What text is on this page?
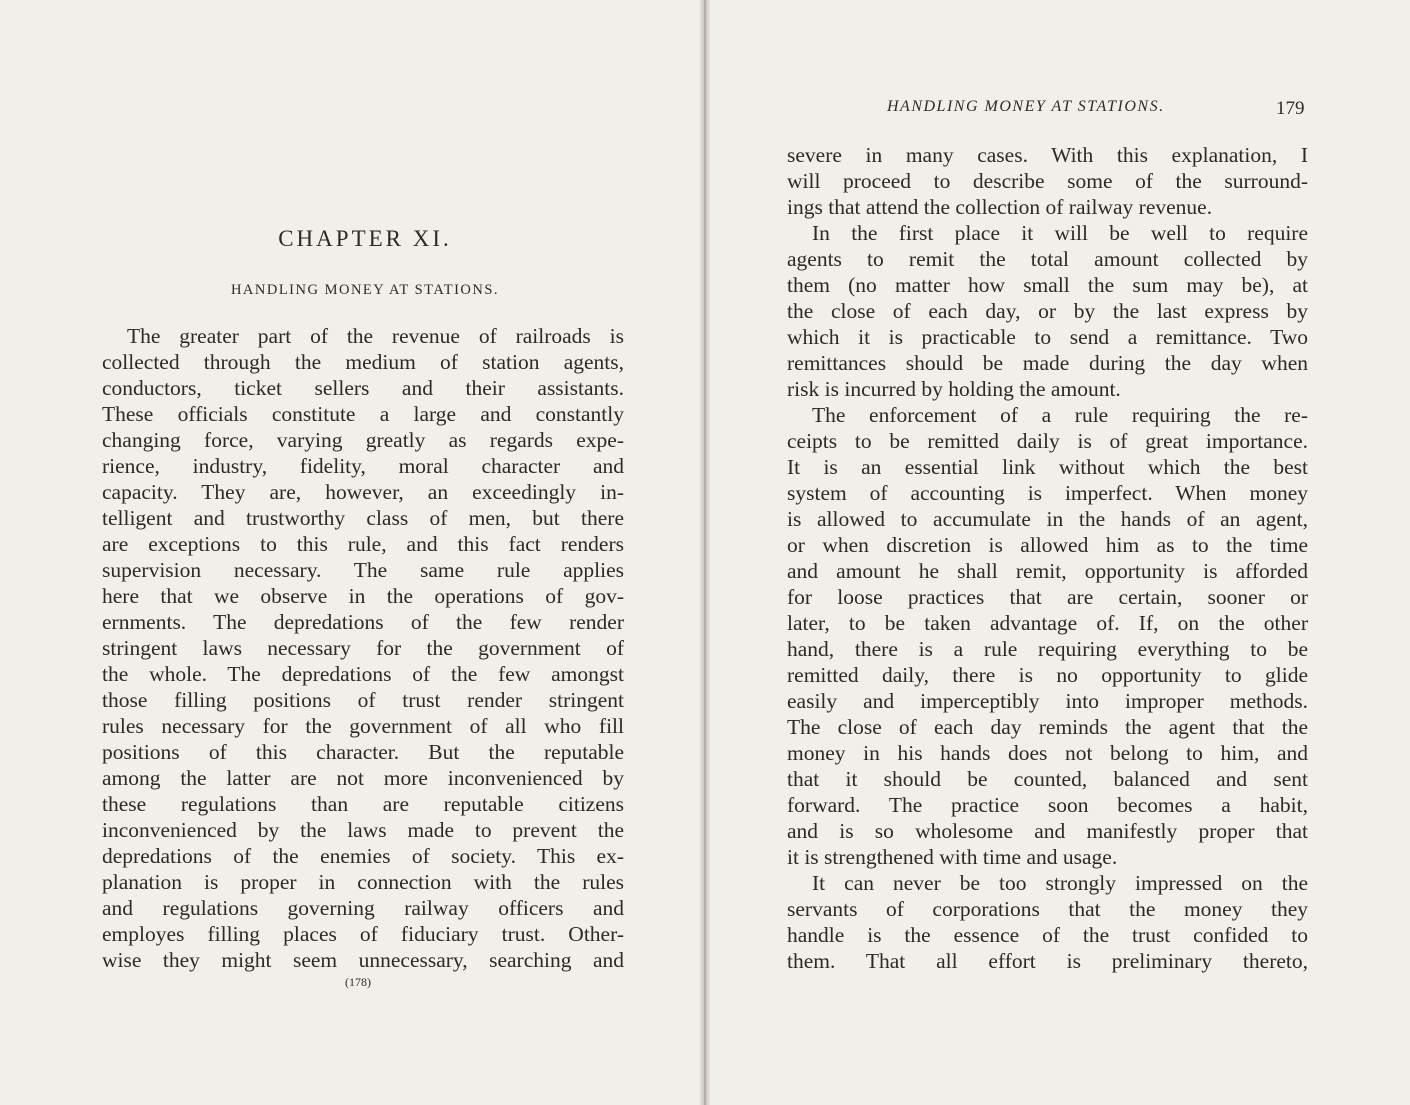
CHAPTER XI.
HANDLING MONEY AT STATIONS.
The greater part of the revenue of railroads is
collected through the medium of station agents,
conductors, ticket sellers and their assistants.
These officials constitute a large and constantly
changing force, varying greatly as regards expe-
rience, industry, fidelity, moral character and
capacity. They are, however, an exceedingly in-
telligent and trustworthy class of men, but there
are exceptions to this rule, and this fact renders
supervision necessary. The same rule applies
here that we observe in the operations of gov-
ernments. The depredations of the few render
stringent laws necessary for the government of
the whole. The depredations of the few amongst
those filling positions of trust render stringent
rules necessary for the government of all who fill
positions of this character. But the reputable
among the latter are not more inconvenienced by
these regulations than are reputable citizens
inconvenienced by the laws made to prevent the
depredations of the enemies of society. This ex-
planation is proper in connection with the rules
and regulations governing railway officers and
employes filling places of fiduciary trust. Other-
wise they might seem unnecessary, searching and
(178)
HANDLING MONEY AT STATIONS.	179
severe in many cases. With this explanation, I
will proceed to describe some of the surround-
ings that attend the collection of railway revenue.
In the first place it will be well to require
agents to remit the total amount collected by
them (no matter how small the sum may be), at
the close of each day, or by the last express by
which it is practicable to send a remittance. Two
remittances should be made during the day when
risk is incurred by holding the amount.
The enforcement of a rule requiring the re-
ceipts to be remitted daily is of great importance.
It is an essential link without which the best
system of accounting is imperfect. When money
is allowed to accumulate in the hands of an agent,
or when discretion is allowed him as to the time
and amount he shall remit, opportunity is afforded
for loose practices that are certain, sooner or
later, to be taken advantage of. If, on the other
hand, there is a rule requiring everything to be
remitted daily, there is no opportunity to glide
easily and imperceptibly into improper methods.
The close of each day reminds the agent that the
money in his hands does not belong to him, and
that it should be counted, balanced and sent
forward. The practice soon becomes a habit,
and is so wholesome and manifestly proper that
it is strengthened with time and usage.
It can never be too strongly impressed on the
servants of corporations that the money they
handle is the essence of the trust confided to
them. That all effort is preliminary thereto,
